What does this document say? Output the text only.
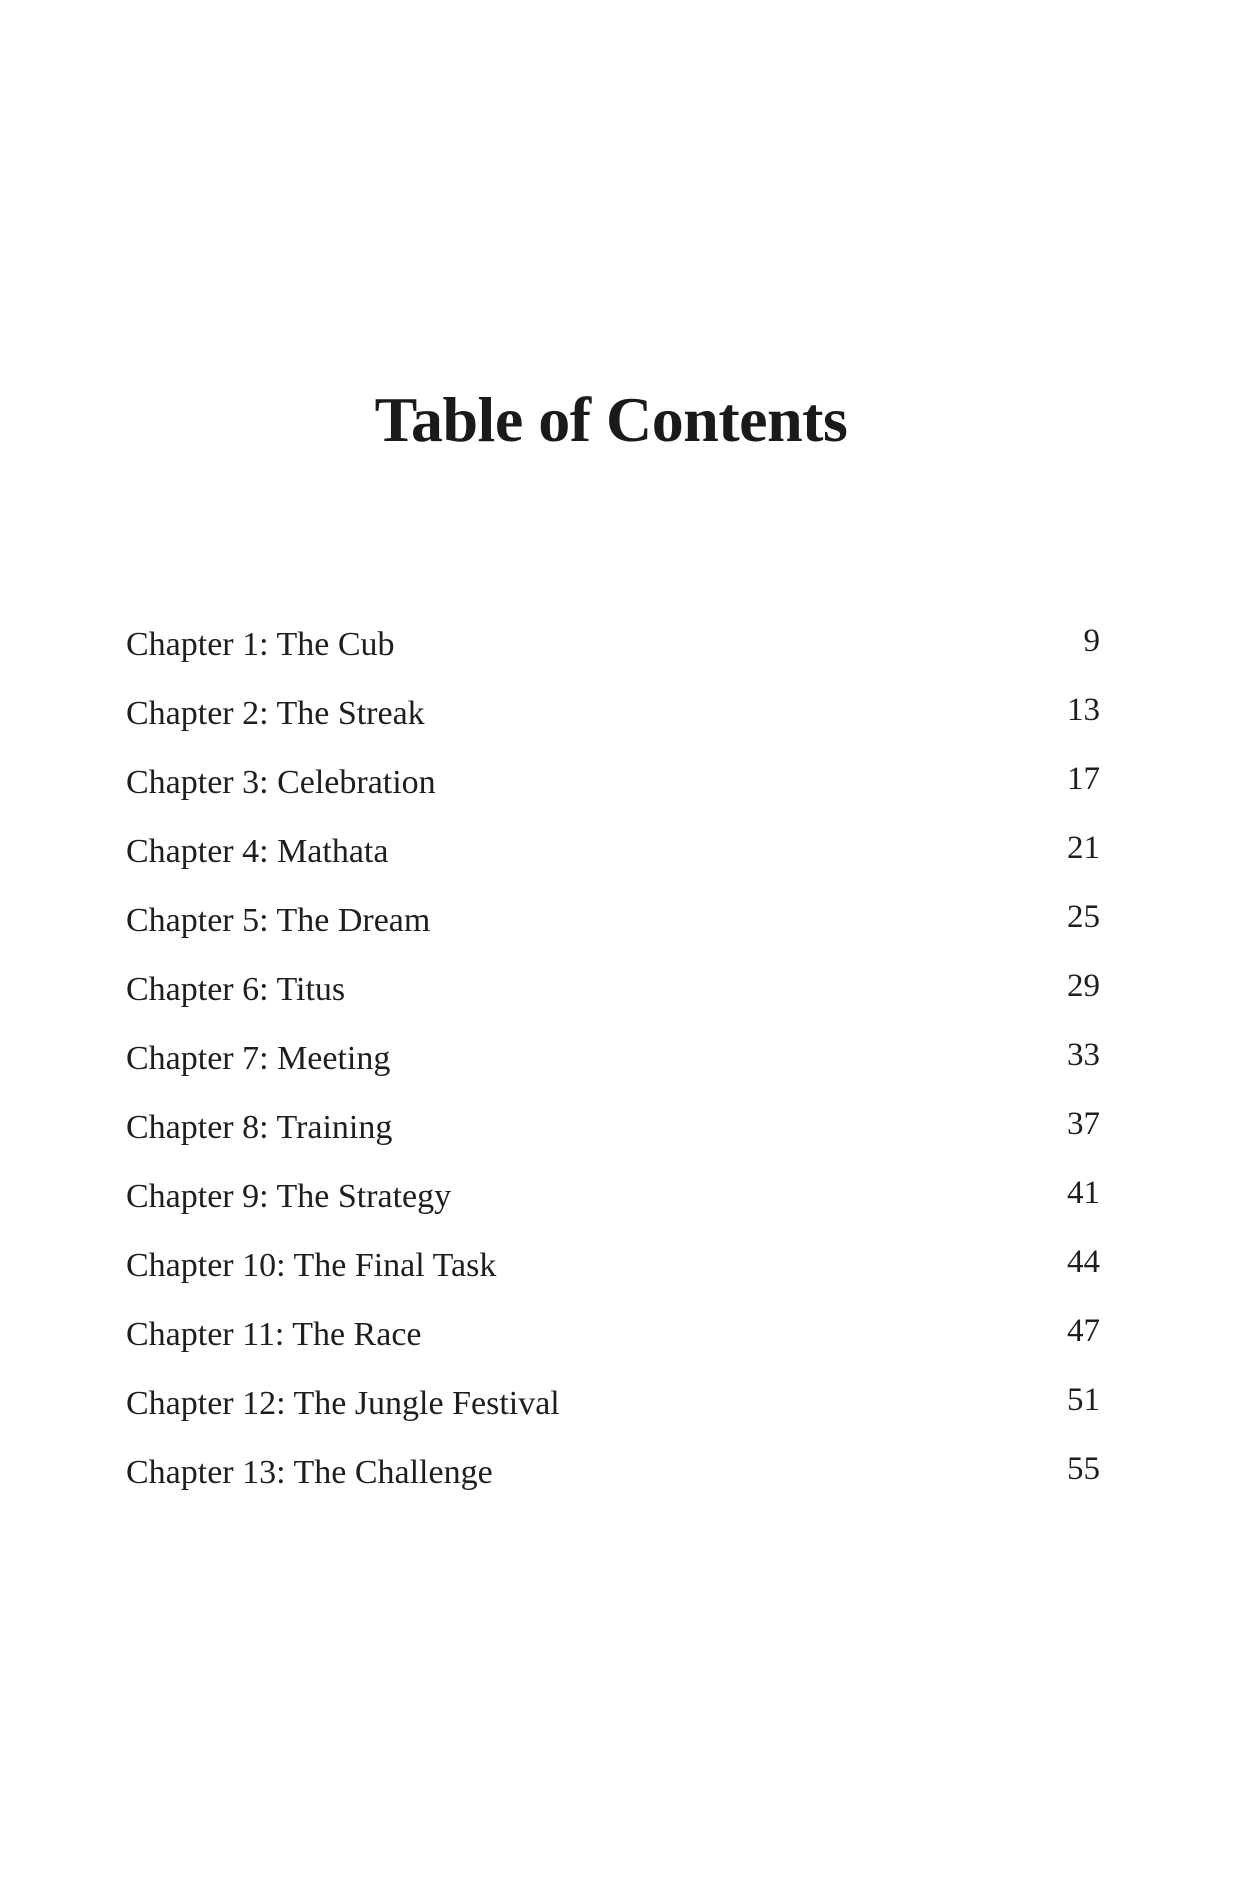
Table of Contents
Chapter 1: The Cub	9
Chapter 2: The Streak	13
Chapter 3: Celebration	17
Chapter 4: Mathata	21
Chapter 5: The Dream	25
Chapter 6: Titus	29
Chapter 7: Meeting	33
Chapter 8: Training	37
Chapter 9: The Strategy	41
Chapter 10: The Final Task	44
Chapter 11: The Race	47
Chapter 12: The Jungle Festival	51
Chapter 13: The Challenge	55
